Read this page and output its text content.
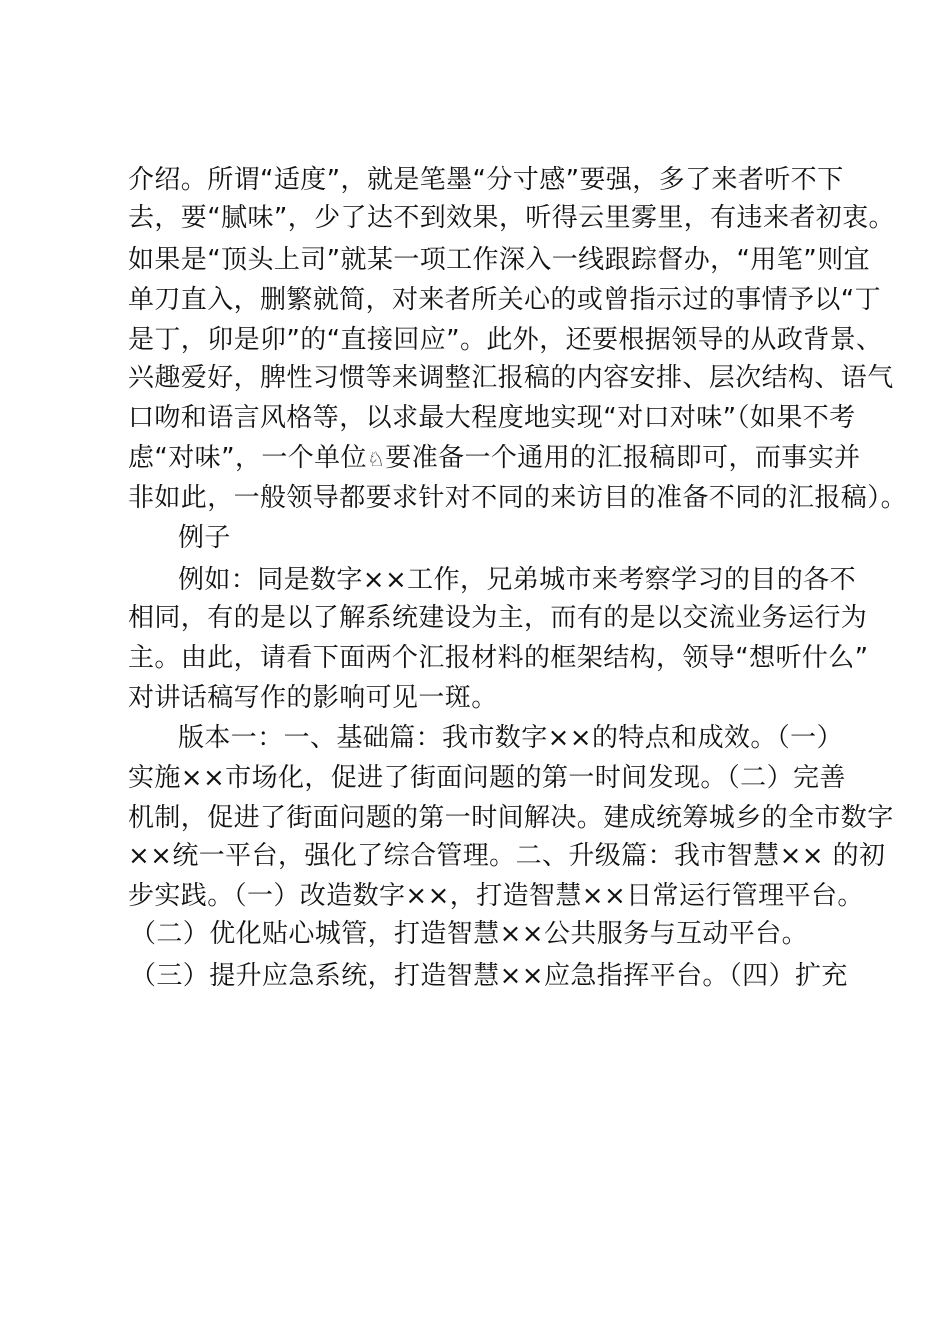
介绍。所谓“适度”，就是笔墨“分寸感”要强，多了来者听不下
去，要“腻味”，少了达不到效果，听得云里雾里，有违来者初衷。
如果是“顶头上司”就某一项工作深入一线跟踪督办，“用笔”则宜
单刀直入，删繁就简，对来者所关心的或曾指示过的事情予以“丁
是丁，卯是卯”的“直接回应”。此外，还要根据领导的从政背景、
兴趣爱好，脾性习惯等来调整汇报稿的内容安排、层次结构、语气
口吻和语言风格等，以求最大程度地实现“对口对味”（如果不考
虑“对味”，一个单位♘要准备一个通用的汇报稿即可，而事实并
非如此，一般领导都要求针对不同的来访目的准备不同的汇报稿）。
例子
例如：同是数字××工作，兄弟城市来考察学习的目的各不
相同，有的是以了解系统建设为主，而有的是以交流业务运行为
主。由此，请看下面两个汇报材料的框架结构，领导“想听什么”
对讲话稿写作的影响可见一斑。
版本一：一、基础篇：我市数字××的特点和成效。（一）
实施××市场化，促进了街面问题的第一时间发现。（二）完善
机制，促进了街面问题的第一时间解决。建成统筹城乡的全市数字
××统一平台，强化了综合管理。二、升级篇：我市智慧×× 的初
步实践。（一）改造数字××，打造智慧××日常运行管理平台。
（二）优化贴心城管，打造智慧××公共服务与互动平台。
（三）提升应急系统，打造智慧××应急指挥平台。（四）扩充
